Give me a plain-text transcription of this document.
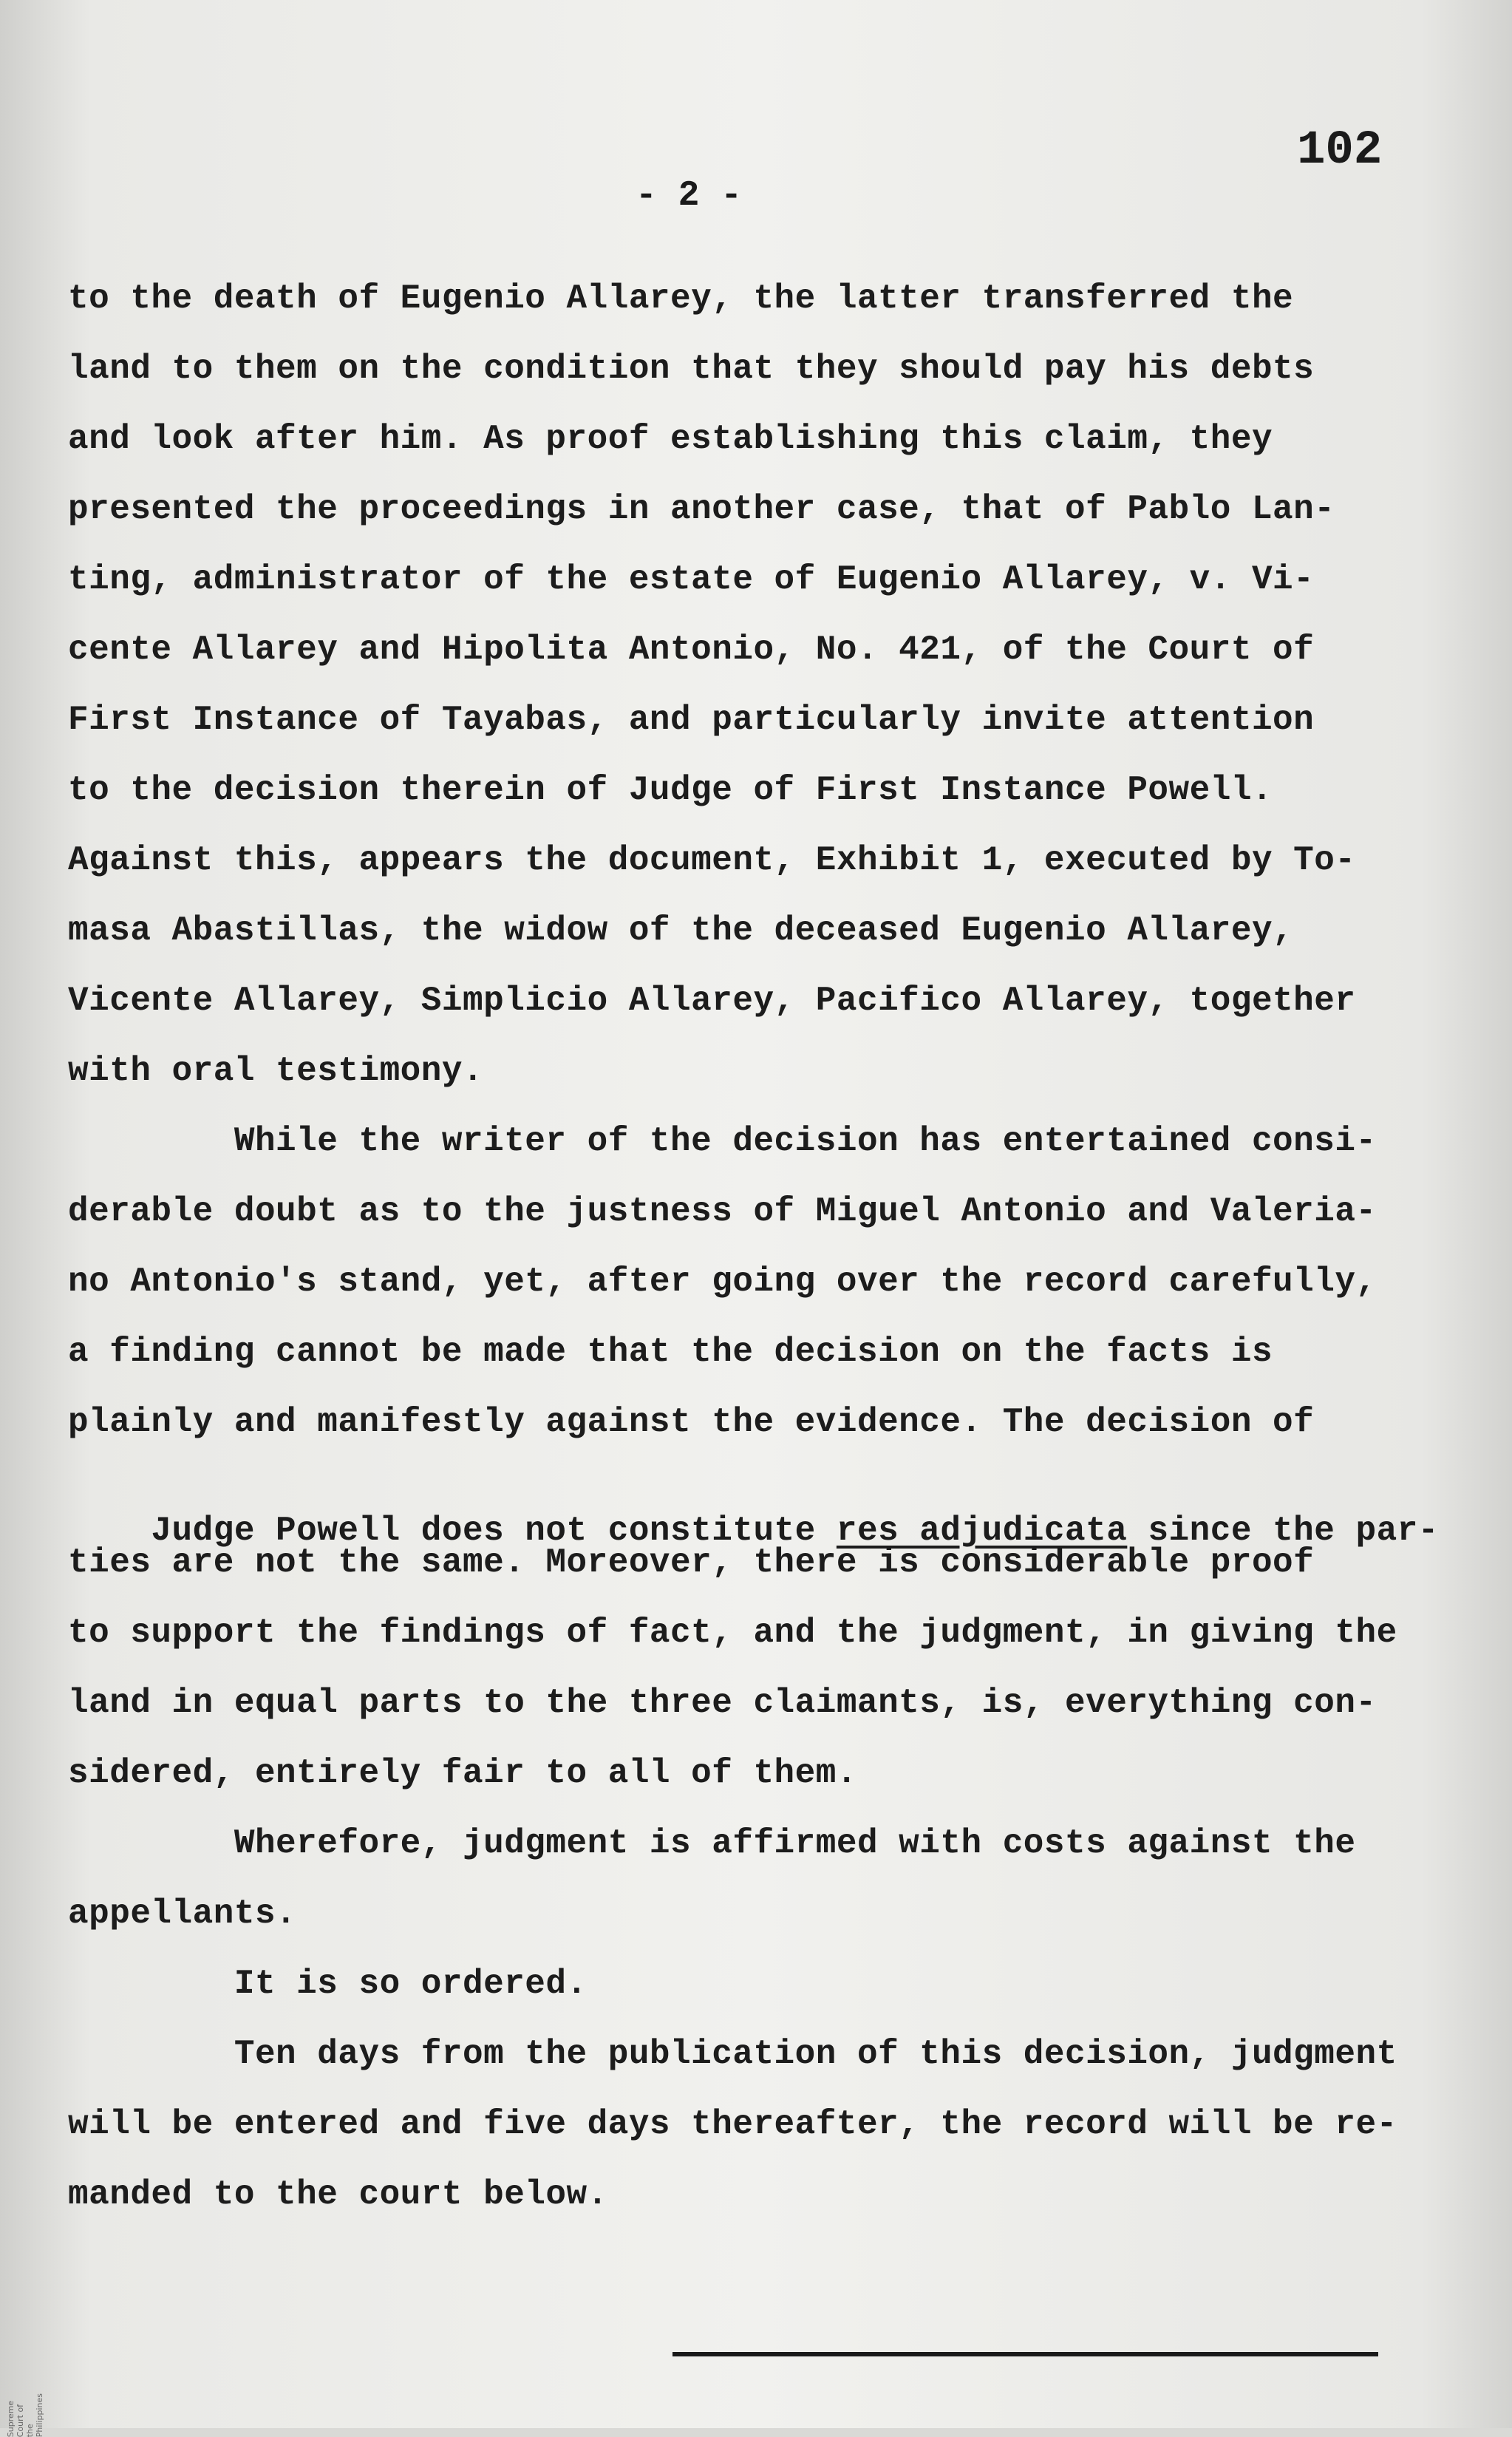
102
- 2 -
to the death of Eugenio Allarey, the latter transferred the
land to them on the condition that they should pay his debts
and look after him. As proof establishing this claim, they
presented the proceedings in another case, that of Pablo Lan-
ting, administrator of the estate of Eugenio Allarey, v. Vi-
cente Allarey and Hipolita Antonio, No. 421, of the Court of
First Instance of Tayabas, and particularly invite attention
to the decision therein of Judge of First Instance Powell.
Against this, appears the document, Exhibit 1, executed by To-
masa Abastillas, the widow of the deceased Eugenio Allarey,
Vicente Allarey, Simplicio Allarey, Pacifico Allarey, together
with oral testimony.
While the writer of the decision has entertained consi-
derable doubt as to the justness of Miguel Antonio and Valeria-
no Antonio's stand, yet, after going over the record carefully,
a finding cannot be made that the decision on the facts is
plainly and manifestly against the evidence. The decision of

Judge Powell does not constitute res adjudicata since the par-

ties are not the same. Moreover, there is considerable proof
to support the findings of fact, and the judgment, in giving the
land in equal parts to the three claimants, is, everything con-
sidered, entirely fair to all of them.
Wherefore, judgment is affirmed with costs against the
appellants.
It is so ordered.
Ten days from the publication of this decision, judgment
will be entered and five days thereafter, the record will be re-
manded to the court below.
Supreme Court of the Philippines
